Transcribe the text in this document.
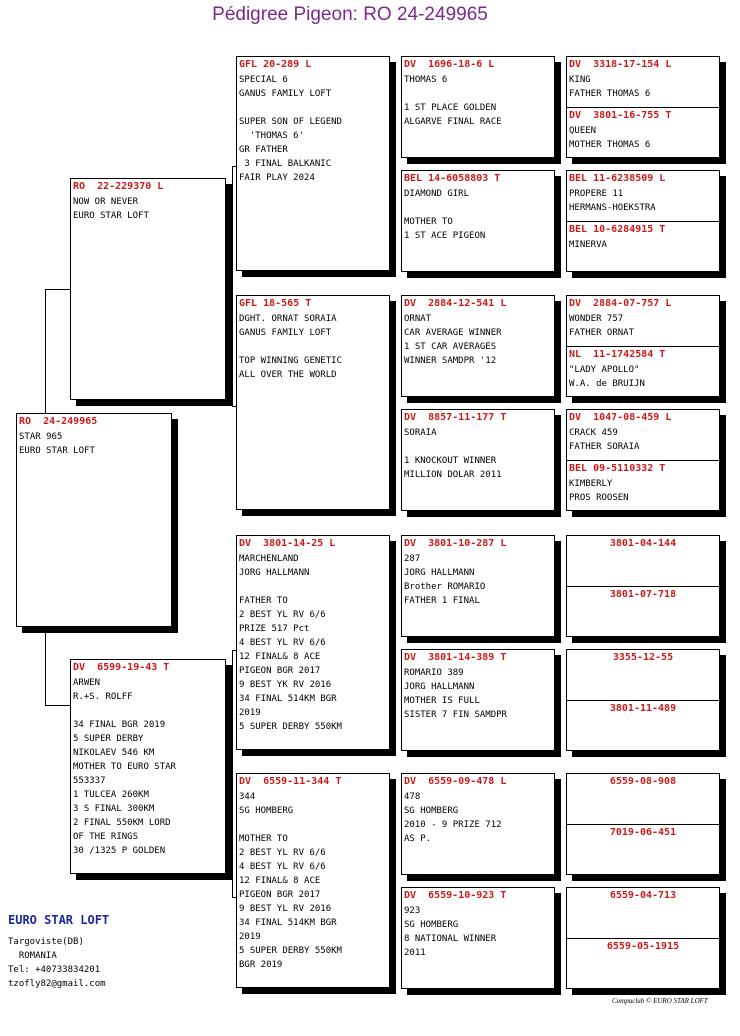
Pédigree Pigeon: RO 24-249965
RO  24-249965
STAR 965
EURO STAR LOFT
RO  22-229370 L
NOW OR NEVER
EURO STAR LOFT
DV  6599-19-43 T
ARWEN
R.+S. ROLFF

34 FINAL BGR 2019
5 SUPER DERBY
NIKOLAEV 546 KM
MOTHER TO EURO STAR
553337
1 TULCEA 260KM
3 S FINAL 300KM
2 FINAL 550KM LORD
OF THE RINGS
30 /1325 P GOLDEN
GFL 20-289 L
SPECIAL 6
GANUS FAMILY LOFT

SUPER SON OF LEGEND
'THOMAS 6'
GR FATHER
3 FINAL BALKANIC
FAIR PLAY 2024
GFL 18-565 T
DGHT. ORNAT SORAIA
GANUS FAMILY LOFT

TOP WINNING GENETIC
ALL OVER THE WORLD
DV  3801-14-25 L
MARCHENLAND
JORG HALLMANN

FATHER TO
2 BEST YL RV 6/6
PRIZE 517 Pct
4 BEST YL RV 6/6
12 FINAL& 8 ACE
PIGEON BGR 2017
9 BEST YK RV 2016
34 FINAL 514KM BGR
2019
5 SUPER DERBY 550KM
DV  6559-11-344 T
344
SG HOMBERG

MOTHER TO
2 BEST YL RV 6/6
4 BEST YL RV 6/6
12 FINAL& 8 ACE
PIGEON BGR 2017
9 BEST YL RV 2016
34 FINAL 514KM BGR
2019
5 SUPER DERBY 550KM
BGR 2019
DV  1696-18-6 L
THOMAS 6

1 ST PLACE GOLDEN
ALGARVE FINAL RACE
BEL 14-6058803 T
DIAMOND GIRL

MOTHER TO
1 ST ACE PIGEON
DV  2884-12-541 L
ORNAT
CAR AVERAGE WINNER
1 ST CAR AVERAGES
WINNER SAMDPR '12
DV  8857-11-177 T
SORAIA

1 KNOCKOUT WINNER
MILLION DOLAR 2011
DV  3801-10-287 L
287
JORG HALLMANN
Brother ROMARIO
FATHER 1 FINAL
DV  3801-14-389 T
ROMARIO 389
JORG HALLMANN
MOTHER IS FULL
SISTER 7 FIN SAMDPR
DV  6559-09-478 L
478
SG HOMBERG
2010 - 9 PRIZE 712
AS P.
DV  6559-10-923 T
923
SG HOMBERG
8 NATIONAL WINNER
2011
DV  3318-17-154 L
KING
FATHER THOMAS 6
DV  3801-16-755 T
QUEEN
MOTHER THOMAS 6
BEL 11-6238509 L
PROPERE 11
HERMANS-HOEKSTRA
BEL 10-6284915 T
MINERVA
DV  2884-07-757 L
WONDER 757
FATHER ORNAT
NL  11-1742584 T
"LADY APOLLO"
W.A. de BRUIJN
DV  1047-08-459 L
CRACK 459
FATHER SORAIA
BEL 09-5110332 T
KIMBERLY
PROS ROOSEN
3801-04-144
3801-07-718
3355-12-55
3801-11-489
6559-08-908
7019-06-451
6559-04-713
6559-05-1915
EURO STAR LOFT
Targoviste(DB)
ROMANIA
Tel: +40733834201
tzofly82@gmail.com
Compuclub © EURO STAR LOFT
